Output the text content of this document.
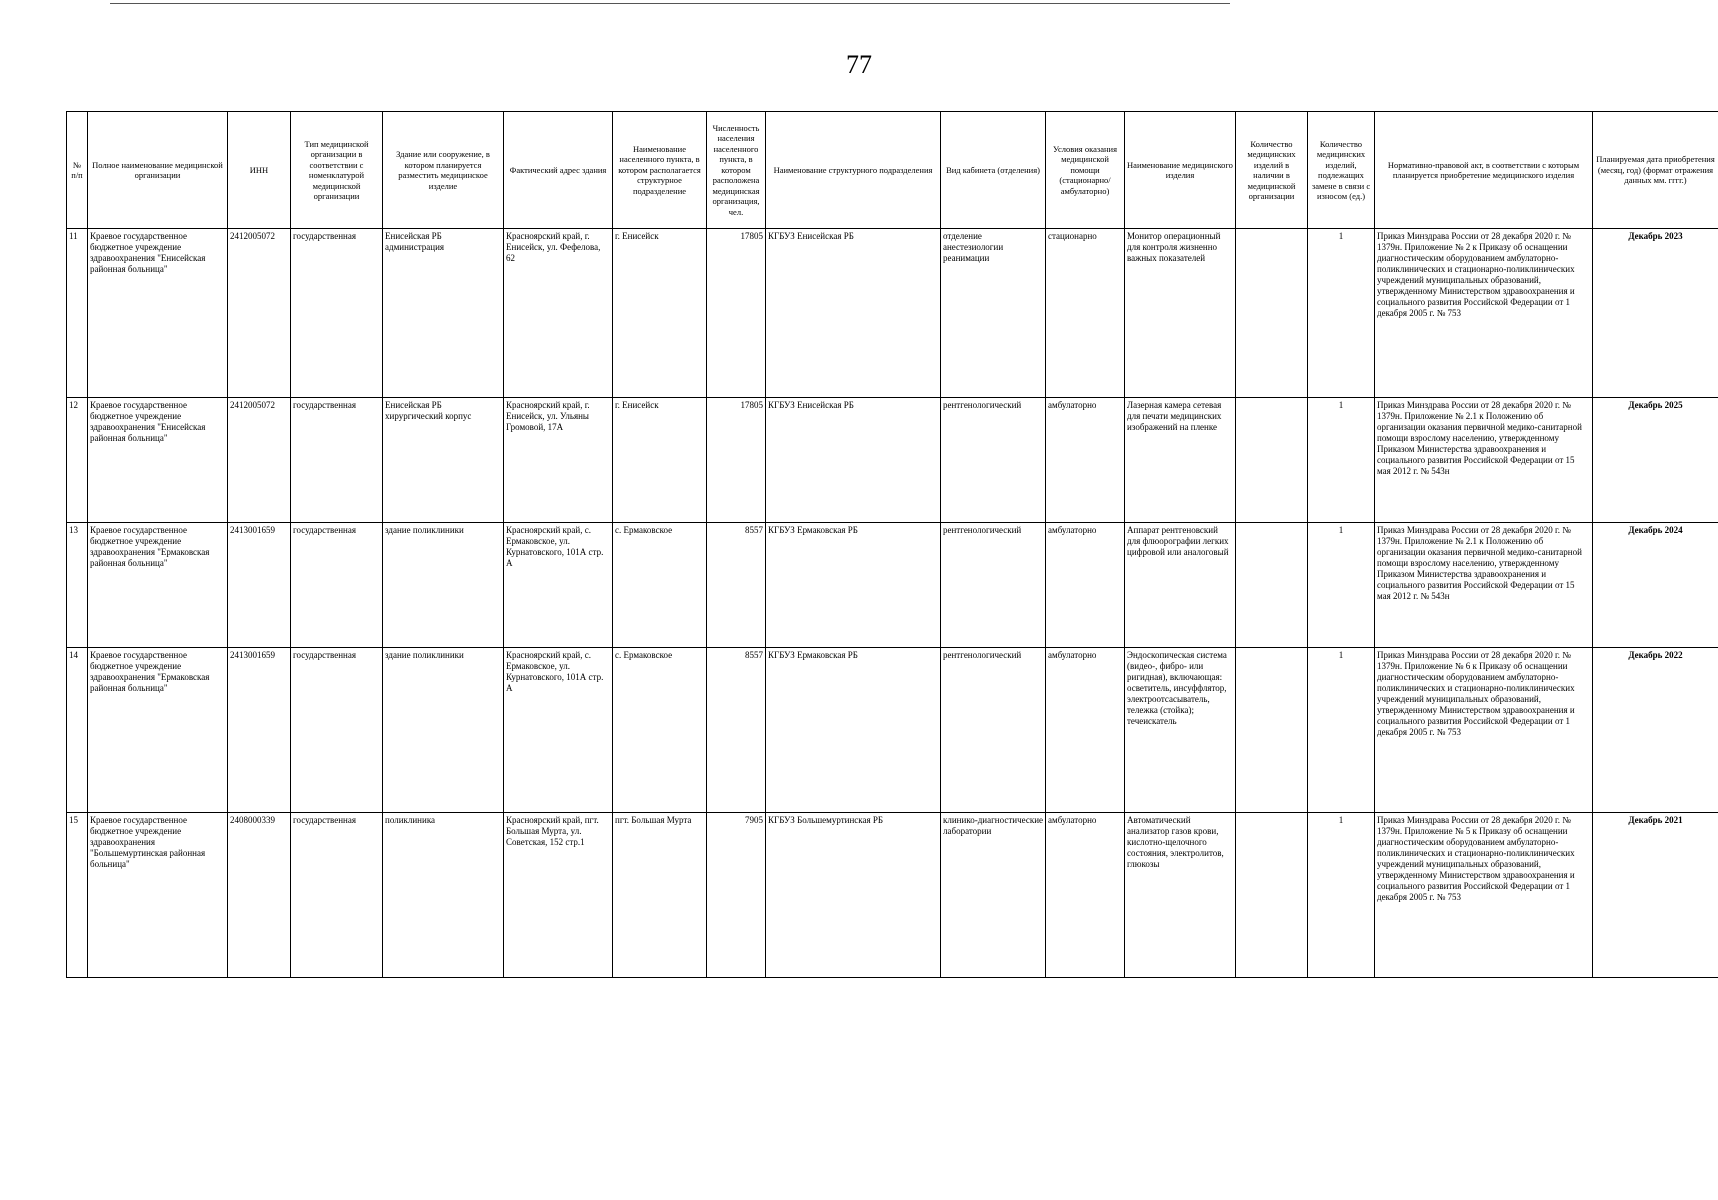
77
№ п/п	Полное наименование медицинской организации	ИНН	Тип медицинской организации в соответствии с номенклатурой медицинской организации	Здание или сооружение, в котором планируется разместить медицинское изделие	Фактический адрес здания	Наименование населенного пункта, в котором располагается структурное подразделение	Численность населения населенного пункта, в котором расположена медицинская организация, чел.	Наименование структурного подразделения	Вид кабинета (отделения)	Условия оказания медицинской помощи (стационарно/амбулаторно)	Наименование медицинского изделия	Количество медицинских изделий в наличии в медицинской организации	Количество медицинских изделий, подлежащих замене в связи с износом (ед.)	Нормативно-правовой акт, в соответствии с которым планируется приобретение медицинского изделия	Планируемая дата приобретения (месяц, год) (формат отражения данных мм. гггг.)
11	Краевое государственное бюджетное учреждение здравоохранения "Енисейская районная больница"	2412005072	государственная	Енисейская РБ администрация	Красноярский край, г. Енисейск, ул. Фефелова, 62	г. Енисейск	17805	КГБУЗ Енисейская РБ	отделение анестезиологии реанимации	стационарно	Монитор операционный для контроля жизненно важных показателей		1	Приказ Минздрава России от 28 декабря 2020 г. № 1379н. Приложение № 2 к Приказу об оснащении диагностическим оборудованием амбулаторно-поликлинических и стационарно-поликлинических учреждений муниципальных образований, утвержденному Министерством здравоохранения и социального развития Российской Федерации от 1 декабря 2005 г. № 753	Декабрь 2023
12	Краевое государственное бюджетное учреждение здравоохранения "Енисейская районная больница"	2412005072	государственная	Енисейская РБ хирургический корпус	Красноярский край, г. Енисейск, ул. Ульяны Громовой, 17А	г. Енисейск	17805	КГБУЗ Енисейская РБ	рентгенологический	амбулаторно	Лазерная камера сетевая для печати медицинских изображений на пленке		1	Приказ Минздрава России от 28 декабря 2020 г. № 1379н. Приложение № 2.1 к Положению об организации оказания первичной медико-санитарной помощи взрослому населению, утвержденному Приказом Министерства здравоохранения и социального развития Российской Федерации от 15 мая 2012 г. № 543н	Декабрь 2025
13	Краевое государственное бюджетное учреждение здравоохранения "Ермаковская районная больница"	2413001659	государственная	здание поликлиники	Красноярский край, с. Ермаковское, ул. Курнатовского, 101А стр. А	с. Ермаковское	8557	КГБУЗ Ермаковская РБ	рентгенологический	амбулаторно	Аппарат рентгеновский для флюорографии легких цифровой или аналоговый		1	Приказ Минздрава России от 28 декабря 2020 г. № 1379н. Приложение № 2.1 к Положению об организации оказания первичной медико-санитарной помощи взрослому населению, утвержденному Приказом Министерства здравоохранения и социального развития Российской Федерации от 15 мая 2012 г. № 543н	Декабрь 2024
14	Краевое государственное бюджетное учреждение здравоохранения "Ермаковская районная больница"	2413001659	государственная	здание поликлиники	Красноярский край, с. Ермаковское, ул. Курнатовского, 101А стр. А	с. Ермаковское	8557	КГБУЗ Ермаковская РБ	рентгенологический	амбулаторно	Эндоскопическая система (видео-, фибро- или ригидная), включающая: осветитель, инсуффлятор, электроотсасыватель, тележка (стойка); течеискатель		1	Приказ Минздрава России от 28 декабря 2020 г. № 1379н. Приложение № 6 к Приказу об оснащении диагностическим оборудованием амбулаторно-поликлинических и стационарно-поликлинических учреждений муниципальных образований, утвержденному Министерством здравоохранения и социального развития Российской Федерации от 1 декабря 2005 г. № 753	Декабрь 2022
15	Краевое государственное бюджетное учреждение здравоохранения "Большемуртинская районная больница"	2408000339	государственная	поликлиника	Красноярский край, пгт. Большая Мурта, ул. Советская, 152 стр.1	пгт. Большая Мурта	7905	КГБУЗ Большемуртинская РБ	клинико-диагностические лаборатории	амбулаторно	Автоматический анализатор газов крови, кислотно-щелочного состояния, электролитов, глюкозы		1	Приказ Минздрава России от 28 декабря 2020 г. № 1379н. Приложение № 5 к Приказу об оснащении диагностическим оборудованием амбулаторно-поликлинических и стационарно-поликлинических учреждений муниципальных образований, утвержденному Министерством здравоохранения и социального развития Российской Федерации от 1 декабря 2005 г. № 753	Декабрь 2021
